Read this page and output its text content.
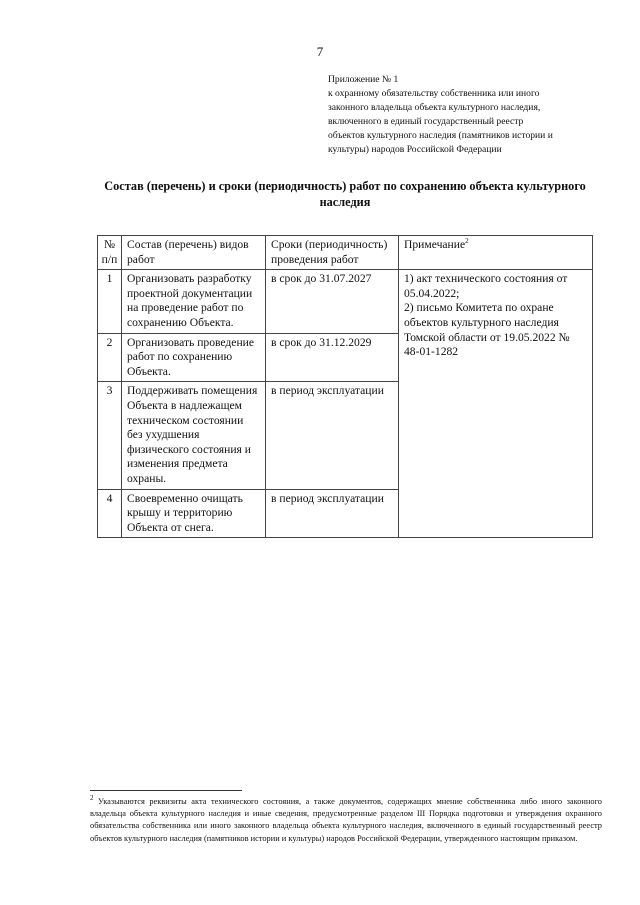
7
Приложение № 1
к охранному обязательству собственника или иного
законного владельца объекта культурного наследия,
включенного в единый государственный реестр
объектов культурного наследия (памятников истории и
культуры) народов Российской Федерации
Состав (перечень) и сроки (периодичность) работ по сохранению объекта культурного наследия
№ п/п	Состав (перечень) видов работ	Сроки (периодичность) проведения работ	Примечание$^2$
1	Организовать разработку проектной документации на проведение работ по сохранению Объекта.	в срок до 31.07.2027	1) акт технического состояния от 05.04.2022;
2) письмо Комитета по охране объектов культурного наследия Томской области от 19.05.2022 № 48-01-1282

2	Организовать проведение работ по сохранению Объекта.	в срок до 31.12.2029	
3	Поддерживать помещения Объекта в надлежащем техническом состоянии без ухудшения физического состояния и изменения предмета охраны.	в период эксплуатации	
4	Своевременно очищать крышу и территорию Объекта от снега.	в период эксплуатации	
$^2$ Указываются реквизиты акта технического состояния, а также документов, содержащих мнение собственника либо иного законного владельца объекта культурного наследия и иные сведения, предусмотренные разделом III Порядка подготовки и утверждения охранного обязательства собственника или иного законного владельца объекта культурного наследия, включенного в единый государственный реестр объектов культурного наследия (памятников истории и культуры) народов Российской Федерации, утвержденного настоящим приказом.
